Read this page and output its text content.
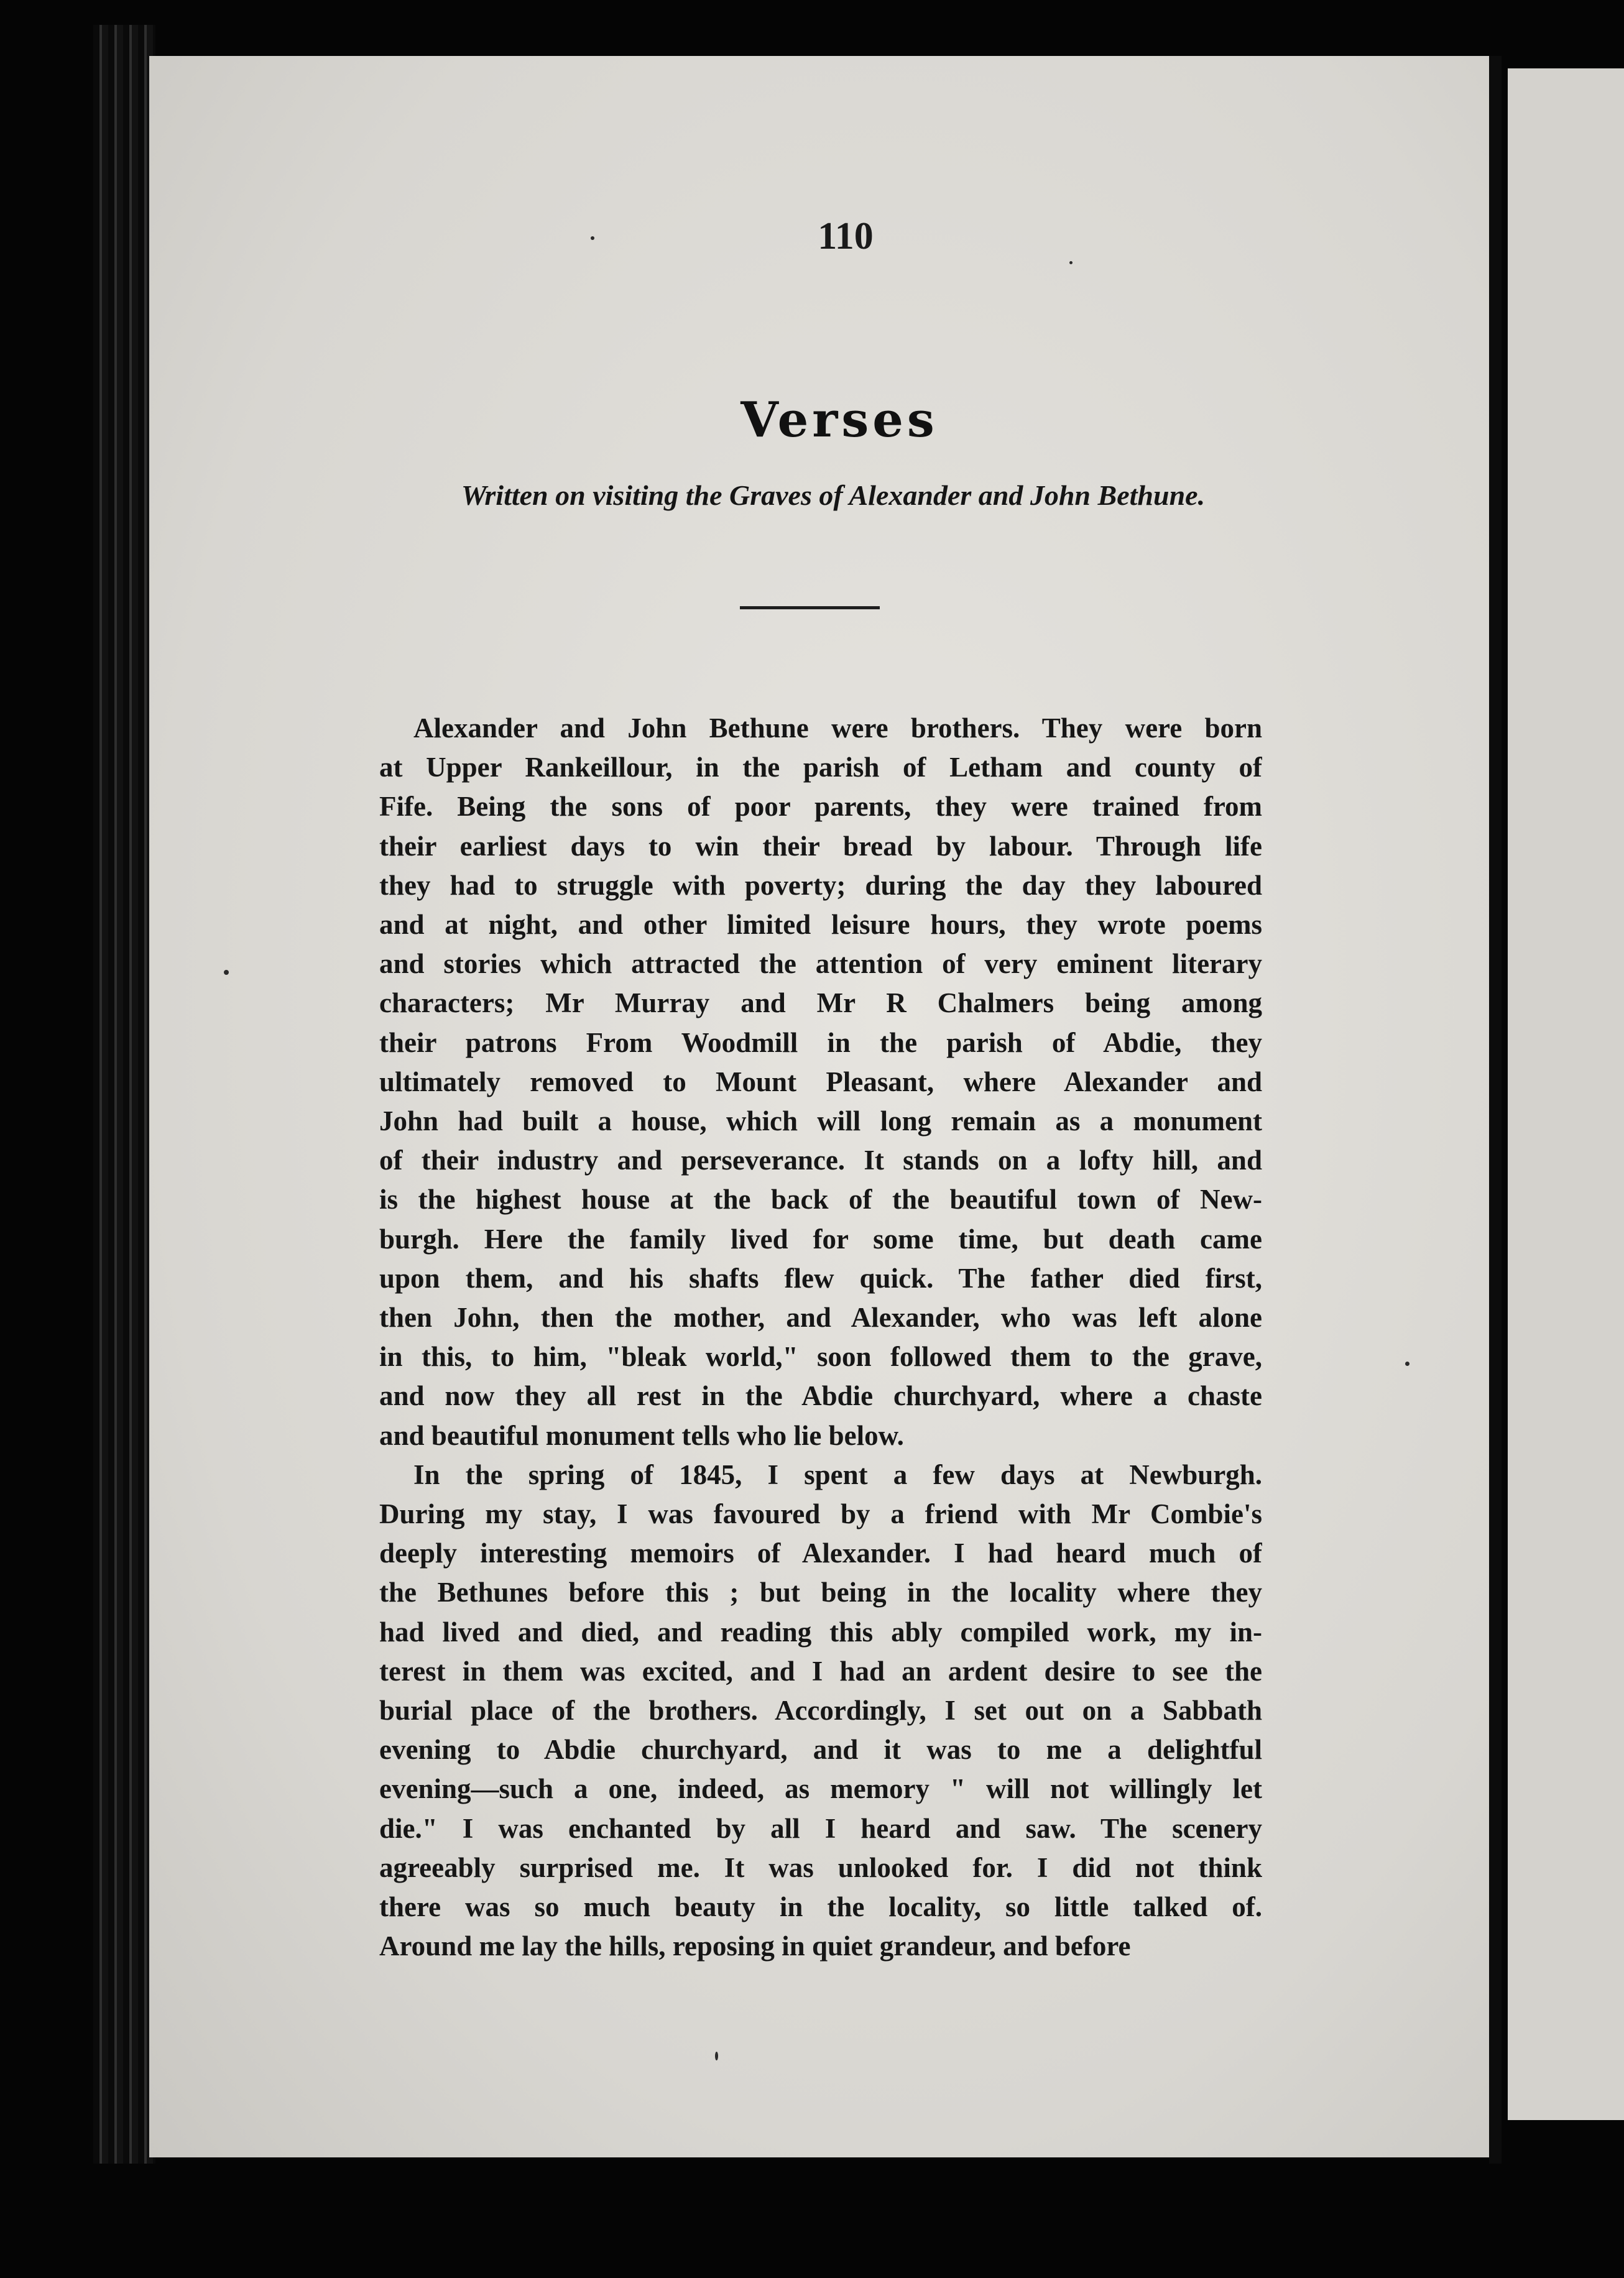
110
Verses
Written on visiting the Graves of Alexander and John Bethune.
Alexander and John Bethune were brothers. They were born
at Upper Rankeillour, in the parish of Letham and county of
Fife. Being the sons of poor parents, they were trained from
their earliest days to win their bread by labour. Through life
they had to struggle with poverty; during the day they laboured
and at night, and other limited leisure hours, they wrote poems
and stories which attracted the attention of very eminent literary
characters; Mr Murray and Mr R Chalmers being among
their patrons From Woodmill in the parish of Abdie, they
ultimately removed to Mount Pleasant, where Alexander and
John had built a house, which will long remain as a monument
of their industry and perseverance. It stands on a lofty hill, and
is the highest house at the back of the beautiful town of New-
burgh. Here the family lived for some time, but death came
upon them, and his shafts flew quick. The father died first,
then John, then the mother, and Alexander, who was left alone
in this, to him, "bleak world," soon followed them to the grave,
and now they all rest in the Abdie churchyard, where a chaste
and beautiful monument tells who lie below.
In the spring of 1845, I spent a few days at Newburgh.
During my stay, I was favoured by a friend with Mr Combie's
deeply interesting memoirs of Alexander. I had heard much of
the Bethunes before this ; but being in the locality where they
had lived and died, and reading this ably compiled work, my in-
terest in them was excited, and I had an ardent desire to see the
burial place of the brothers. Accordingly, I set out on a Sabbath
evening to Abdie churchyard, and it was to me a delightful
evening—such a one, indeed, as memory " will not willingly let
die." I was enchanted by all I heard and saw. The scenery
agreeably surprised me. It was unlooked for. I did not think
there was so much beauty in the locality, so little talked of.
Around me lay the hills, reposing in quiet grandeur, and before
